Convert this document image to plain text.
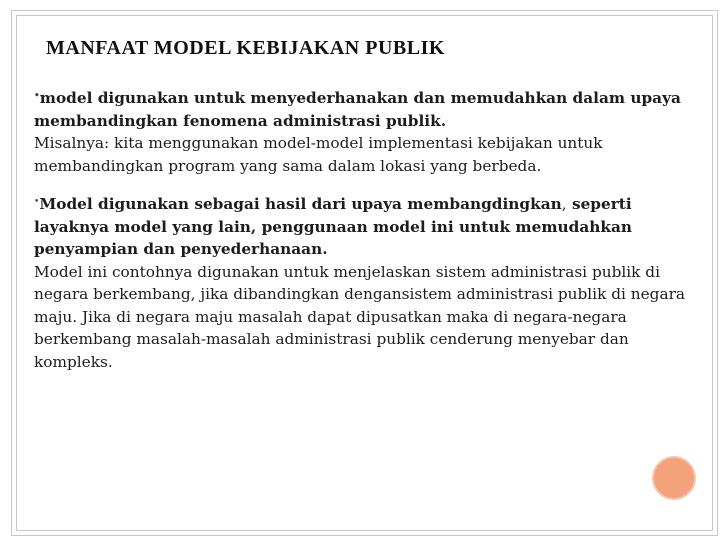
MANFAAT MODEL KEBIJAKAN PUBLIK

•model digunakan untuk menyederhanakan dan memudahkan dalam upaya membandingkan fenomena administrasi publik.

Misalnya: kita menggunakan model-model implementasi kebijakan untuk membandingkan program yang sama dalam lokasi yang berbeda.

•Model digunakan sebagai hasil dari upaya membangdingkan, seperti layaknya model yang lain, penggunaan model ini untuk memudahkan penyampian dan penyederhanaan.

Model ini contohnya digunakan untuk menjelaskan sistem administrasi publik di negara berkembang, jika dibandingkan dengansistem administrasi publik di negara maju. Jika di negara maju masalah dapat dipusatkan maka di negara-negara berkembang masalah-masalah administrasi publik cenderung menyebar dan kompleks.
